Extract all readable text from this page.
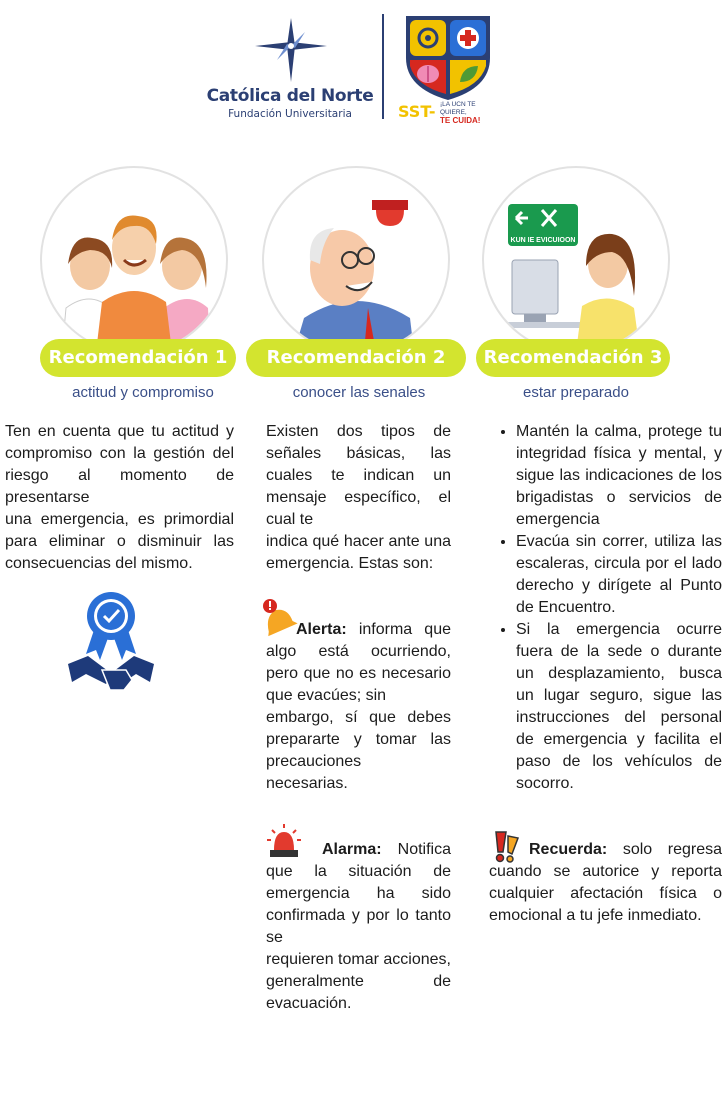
Católica del Norte
Fundación Universitaria	SST- ¡LA UCN TE QUIERE,
TE CUIDA!
KUN IE EVICUIOON
Recomendación 1	Recomendación 2	Recomendación 3
actitud y compromiso	conocer las senales	estar preparado

Ten en cuenta que tu actitud y compromiso con la gestión del riesgo al momento de presentarse

una emergencia, es primordial para eliminar o disminuir las consecuencias del mismo.

Existen dos tipos de señales básicas, las cuales te indican un mensaje específico, el cual te

indica qué hacer ante una emergencia. Estas son:

Alerta: informa que algo está ocurriendo, pero que no es necesario que evacúes; sin

embargo, sí que debes prepararte y tomar las precauciones

necesarias.

Alarma: Notifica que la situación de emergencia ha sido confirmada y por lo tanto se

requieren tomar acciones, generalmente de evacuación.

• Mantén la calma, protege tu integridad física y mental, y sigue las indicaciones de los brigadistas o servicios de emergencia
• Evacúa sin correr, utiliza las escaleras, circula por el lado derecho y dirígete al Punto de Encuentro.
• Si la emergencia ocurre fuera de la sede o durante un desplazamiento, busca un lugar seguro, sigue las instrucciones del personal de emergencia y facilita el paso de los vehículos de socorro.

Recuerda: solo regresa cuando se autorice y reporta cualquier afectación física o emocional a tu jefe inmediato.
